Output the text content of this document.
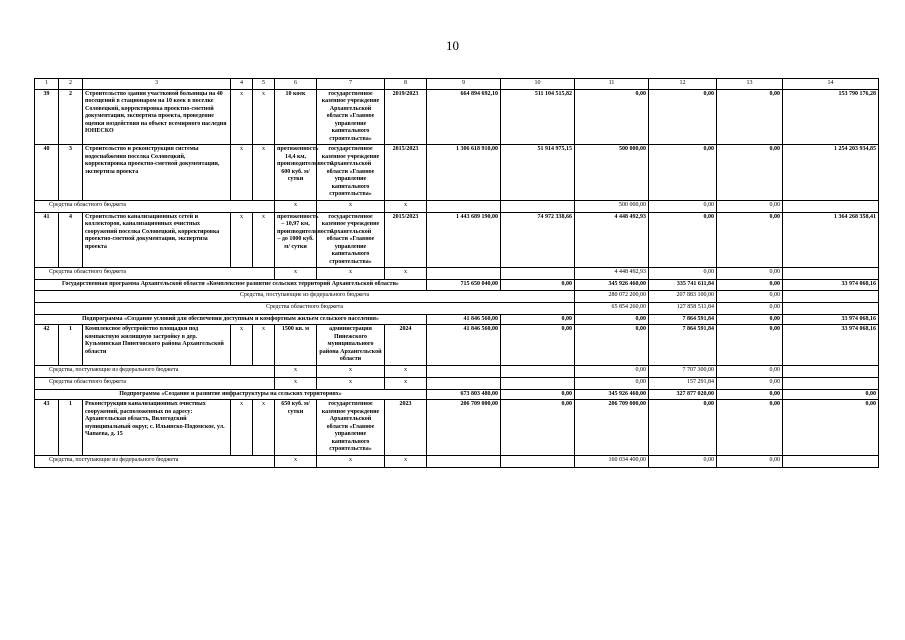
10
1	2	3	4	5	6	7	8	9	10	11	12	13	14
39	2	Строительство здания участковой больницы на 40 посещений в стационаром на 10 коек в поселке Соловецкий, корректировка проектно-сметной документации, экспертиза проекта, проведение оценки воздействия на объект всемирного наследия ЮНЕСКО	x	x	10 коек	государственное казенное учреждение Архангельской области «Главное управление капитального строительства»	2019/2023	664 894 692,10	511 104 515,82	0,00	0,00	0,00	153 790 176,28
40	3	Строительство и реконструкция системы водоснабжения поселка Соловецкий, корректировка проектно-сметной документации, экспертиза проекта	x	x	протяженность 14,4 км, производительность 600 куб. м/ сутки	государственное казенное учреждение Архангельской области «Главное управление капитального строительства»	2015/2023	1 306 618 910,00	51 914 975,15	500 000,00	0,00	0,00	1 254 203 934,85
Средства областного бюджета					x	x	x			500 000,00	0,00	0,00	
41	4	Строительство канализационных сетей и коллекторов, канализационных очистных сооружений поселка Соловецкий, корректировка проектно-сметной документации, экспертиза проекта	x	x	протяженность – 10,97 км, производительность – до 1000 куб. м/ сутки	государственное казенное учреждение Архангельской области «Главное управление капитального строительства»	2015/2023	1 443 689 190,00	74 972 338,66	4 448 492,93	0,00	0,00	1 364 268 358,41
Средства областного бюджета					x	x	x			4 448 492,93	0,00	0,00	
Государственная программа Архангельской области «Комплексное развитие сельских территорий Архангельской области»								715 650 040,00	0,00	345 926 460,00	335 741 611,84	0,00	33 974 068,16
Средства, поступающие из федерального бюджета										280 072 200,00	207 883 100,00	0,00	
Средства областного бюджета										65 854 260,00	127 858 511,84	0,00	
Подпрограмма «Создание условий для обеспечения доступным и комфортным жильем сельского населения»								41 846 560,00	0,00	0,00	7 864 591,84	0,00	33 974 068,16
42	1	Комплексное обустройство площадки под компактную жилищную застройку в дер. Кузьминская Пинеговского района Архангельской области	x	x	1500 кв. м	администрация Пинежского муниципального района Архангельской области	2024	41 846 560,00	0,00	0,00	7 864 591,84	0,00	33 974 068,16
Средства, поступающие из федерального бюджета					x	x	x			0,00	7 707 300,00	0,00	
Средства областного бюджета					x	x	x			0,00	157 291,84	0,00	
Подпрограмма «Создание и развитие инфраструктуры на сельских территориях»								673 803 480,00	0,00	345 926 460,00	327 877 020,00	0,00	0,00
43	1	Реконструкция канализационных очистных сооружений, расположенных по адресу: Архангельская область, Вилегодский муниципальный округ, с. Ильинско-Подомское, ул. Чапаева, д. 15	x	x	650 куб. м/ сутки	государственное казенное учреждение Архангельской области «Главное управление капитального строительства»	2023	206 709 000,00	0,00	206 709 000,00	0,00	0,00	0,00
Средства, поступающие из федерального бюджета					x	x	x			160 034 400,00	0,00	0,00	
